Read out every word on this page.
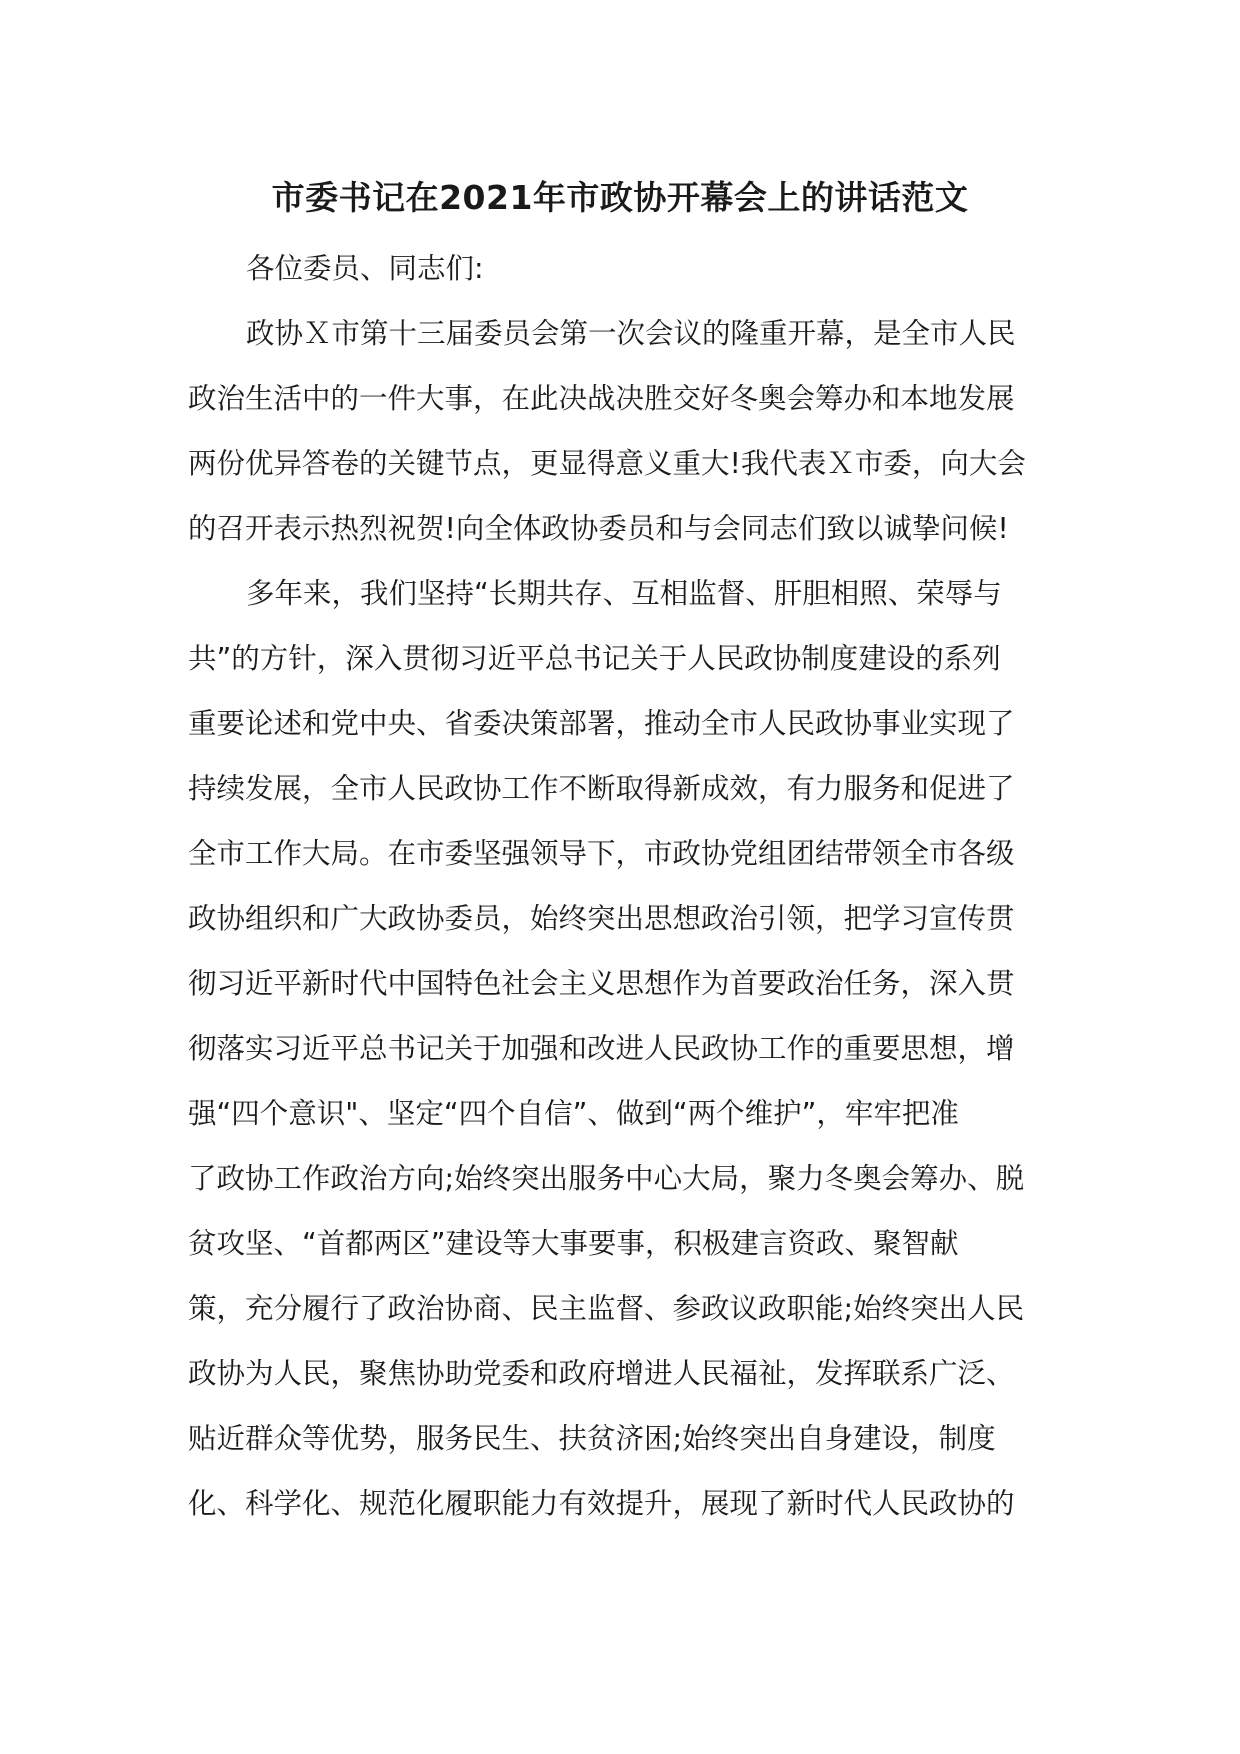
市委书记在2021年市政协开幕会上的讲话范文
各位委员、同志们:
政协Ｘ市第十三届委员会第一次会议的隆重开幕，是全市人民
政治生活中的一件大事，在此决战决胜交好冬奥会筹办和本地发展
两份优异答卷的关键节点，更显得意义重大!我代表Ｘ市委，向大会
的召开表示热烈祝贺!向全体政协委员和与会同志们致以诚挚问候!
多年来，我们坚持“长期共存、互相监督、肝胆相照、荣辱与
共”的方针，深入贯彻习近平总书记关于人民政协制度建设的系列
重要论述和党中央、省委决策部署，推动全市人民政协事业实现了
持续发展，全市人民政协工作不断取得新成效，有力服务和促进了
全市工作大局。在市委坚强领导下，市政协党组团结带领全市各级
政协组织和广大政协委员，始终突出思想政治引领，把学习宣传贯
彻习近平新时代中国特色社会主义思想作为首要政治任务，深入贯
彻落实习近平总书记关于加强和改进人民政协工作的重要思想，增
强“四个意识"、坚定“四个自信”、做到“两个维护”，牢牢把准
了政协工作政治方向;始终突出服务中心大局，聚力冬奥会筹办、脱
贫攻坚、“首都两区”建设等大事要事，积极建言资政、聚智献
策，充分履行了政治协商、民主监督、参政议政职能;始终突出人民
政协为人民，聚焦协助党委和政府增进人民福祉，发挥联系广泛、
贴近群众等优势，服务民生、扶贫济困;始终突出自身建设，制度
化、科学化、规范化履职能力有效提升，展现了新时代人民政协的
